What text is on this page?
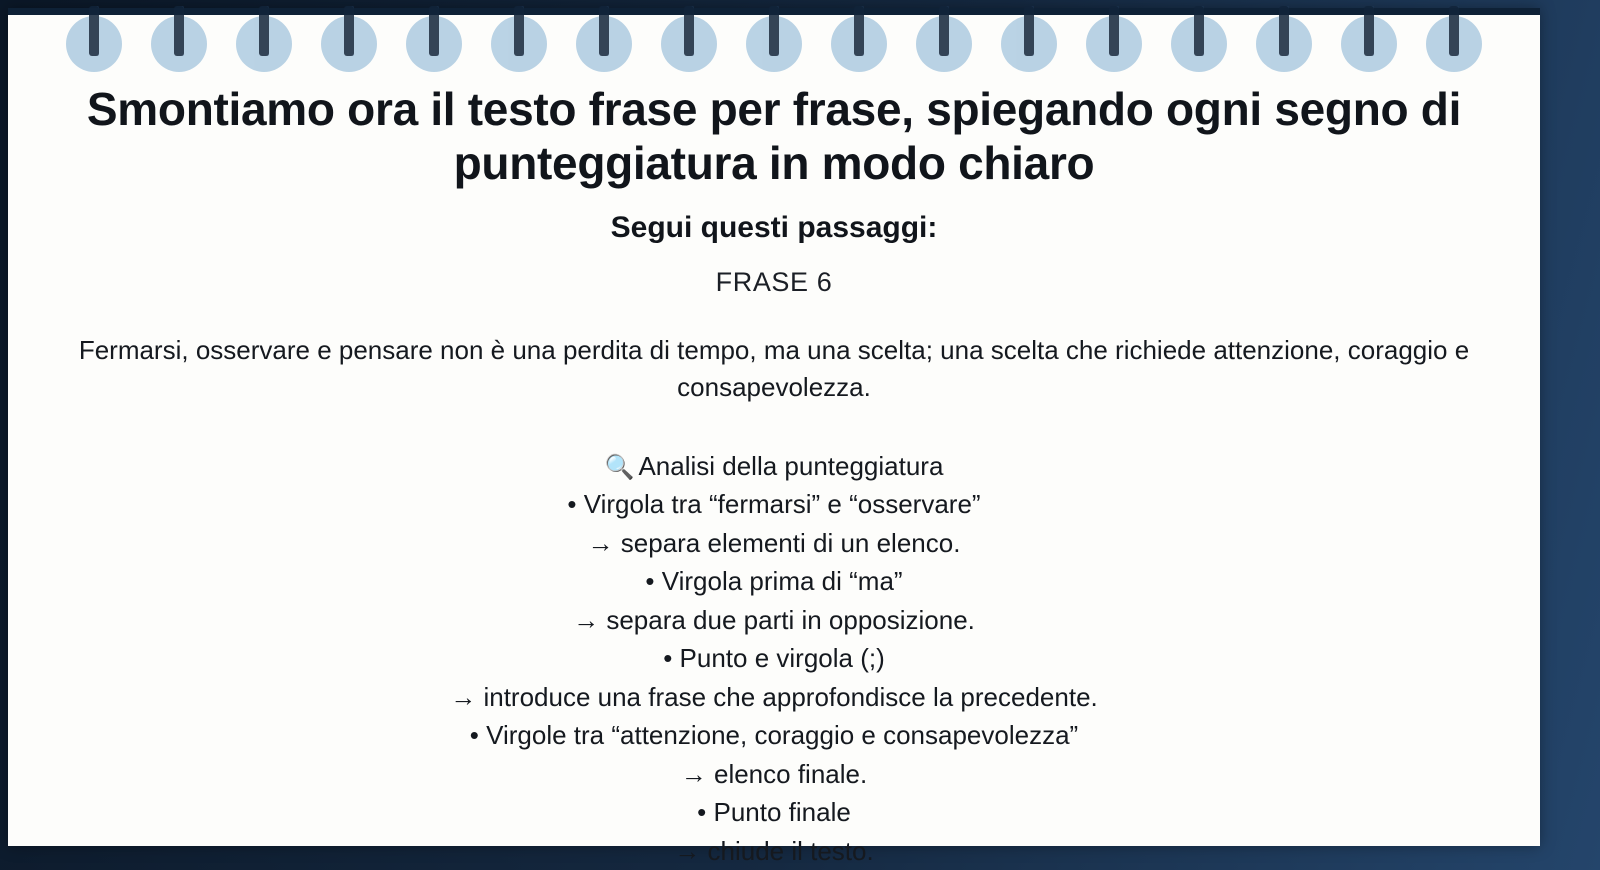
Smontiamo ora il testo frase per frase, spiegando ogni segno di punteggiatura in modo chiaro
Segui questi passaggi:
FRASE 6
Fermarsi, osservare e pensare non è una perdita di tempo, ma una scelta; una scelta che richiede attenzione, coraggio e consapevolezza.
🔍 Analisi della punteggiatura
• Virgola tra “fermarsi” e “osservare”
→ separa elementi di un elenco.
• Virgola prima di “ma”
→ separa due parti in opposizione.
• Punto e virgola (;)
→ introduce una frase che approfondisce la precedente.
• Virgole tra “attenzione, coraggio e consapevolezza”
→ elenco finale.
• Punto finale
→ chiude il testo.
